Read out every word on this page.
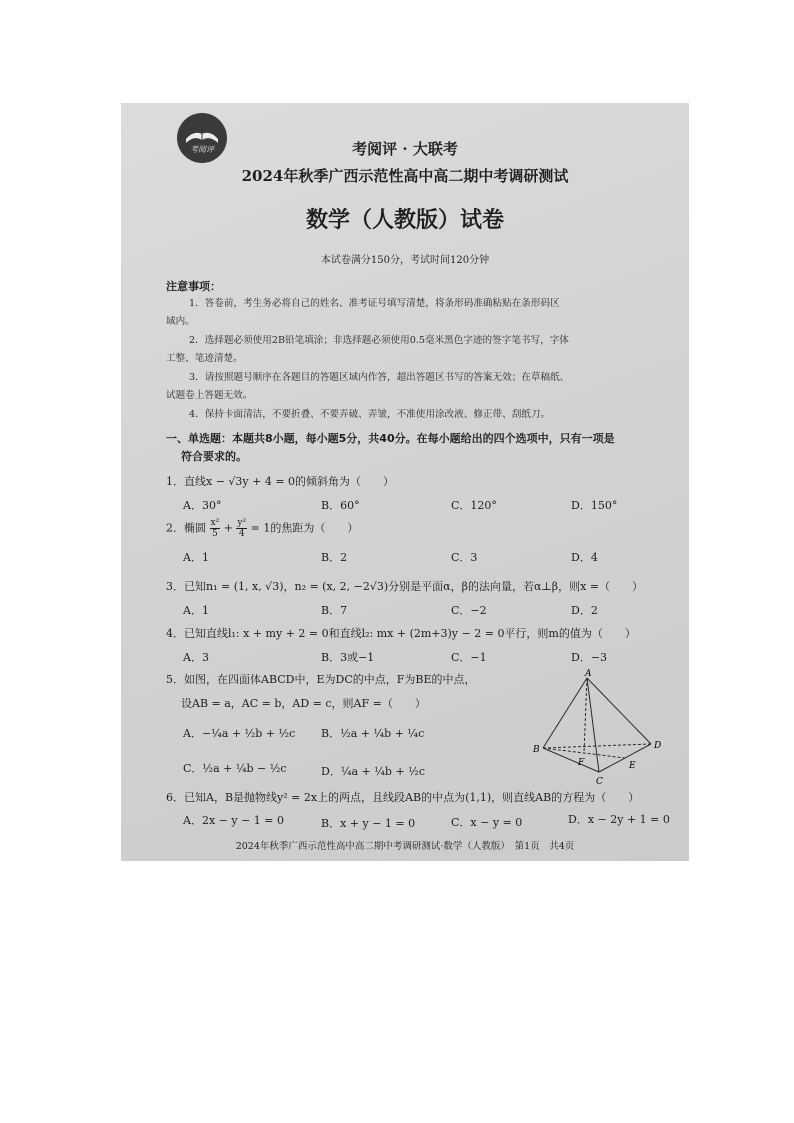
考阅评	考阅评 · 大联考
2024年秋季广西示范性高中高二期中考调研测试
数学（人教版）试卷
本试卷满分150分，考试时间120分钟
注意事项：
1．答卷前，考生务必将自己的姓名、准考证号填写清楚，将条形码准确粘贴在条形码区
域内。
2．选择题必须使用2B铅笔填涂；非选择题必须使用0.5毫米黑色字迹的签字笔书写，字体
工整、笔迹清楚。
3．请按照题号顺序在各题目的答题区域内作答，超出答题区书写的答案无效；在草稿纸、
试题卷上答题无效。
4．保持卡面清洁，不要折叠、不要弄破、弄皱，不准使用涂改液、修正带、刮纸刀。
一、单选题：本题共8小题，每小题5分，共40分。在每小题给出的四个选项中，只有一项是
符合要求的。
1．直线x − √3y + 4 = 0的倾斜角为（　　）
A．30°	B．60°	C．120°	D．150°
2．椭圆 $\frac{\text{x²}}{5} + \frac{\text{y²}}{4} = 1$的焦距为（　　）
A．1	B．2	C．3	D．4
3．已知n₁ = (1, x, √3)，n₂ = (x, 2, −2√3)分别是平面α，β的法向量，若α⊥β，则x =（　　）
A．1	B．7	C．−2	D．2
4．已知直线l₁: x + my + 2 = 0和直线l₂: mx + (2m+3)y − 2 = 0平行，则m的值为（　　）
A．3	B．3或−1	C．−1	D．−3
5．如图，在四面体ABCD中，E为DC的中点，F为BE的中点，
设AB = a，AC = b，AD = c，则AF =（　　）
A．−¼a + ½b + ½c B．½a + ¼b + ¼c
C．½a + ¼b − ½c	D．¼a + ¼b + ½c
A
B
C
D
E
F
6．已知A，B是抛物线y² = 2x上的两点，且线段AB的中点为(1,1)，则直线AB的方程为（　　）
A．2x − y − 1 = 0	B．x + y − 1 = 0	C．x − y = 0	D．x − 2y + 1 = 0
2024年秋季广西示范性高中高二期中考调研测试·数学（人教版）　第1页　共4页
